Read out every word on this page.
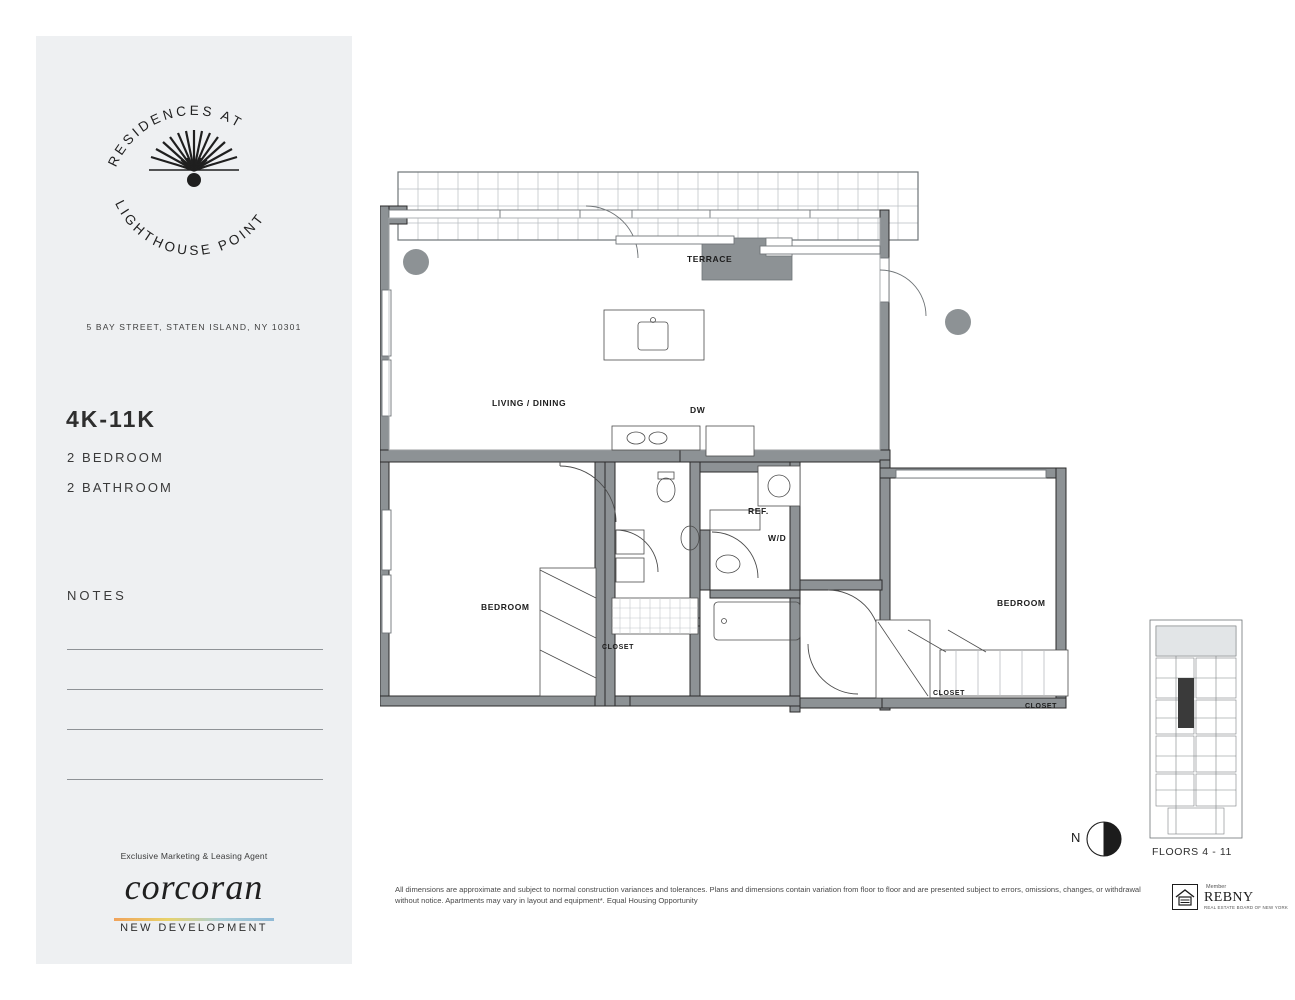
RESIDENCES AT
LIGHTHOUSE POINT
5 BAY STREET, STATEN ISLAND, NY 10301
4K-11K
2 BEDROOM
2 BATHROOM
NOTES
Exclusive Marketing & Leasing Agent
corcoran
NEW DEVELOPMENT
TERRACE
LIVING / DINING
DW
REF.
W/D
BEDROOM	BEDROOM
CLOSET
CLOSET
CLOSET
N
FLOORS 4 - 11
All dimensions are approximate and subject to normal construction variances and tolerances. Plans and dimensions contain variation from floor to floor and are presented subject to errors, omissions, changes, or withdrawal without notice. Apartments may vary in layout and equipment*. Equal Housing Opportunity
Member
REBNY
REAL ESTATE BOARD OF NEW YORK
